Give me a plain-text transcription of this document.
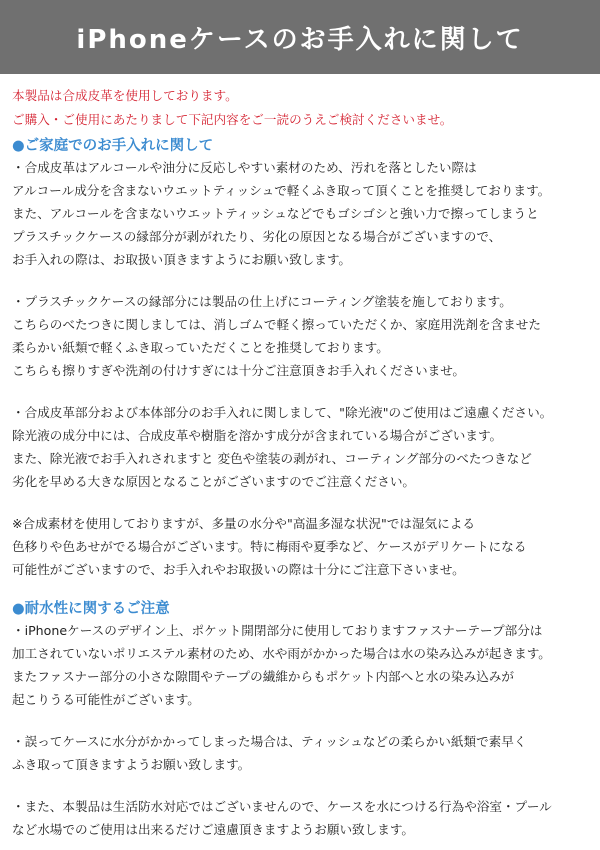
iPhoneケースのお手入れに関して
本製品は合成皮革を使用しております。
ご購入・ご使用にあたりまして下記内容をご一読のうえご検討くださいませ。
●ご家庭でのお手入れに関して
・合成皮革はアルコールや油分に反応しやすい素材のため、汚れを落としたい際は
アルコール成分を含まないウエットティッシュで軽くふき取って頂くことを推奨しております。
また、アルコールを含まないウエットティッシュなどでもゴシゴシと強い力で擦ってしまうと
プラスチックケースの縁部分が剥がれたり、劣化の原因となる場合がございますので、
お手入れの際は、お取扱い頂きますようにお願い致します。
・プラスチックケースの縁部分には製品の仕上げにコーティング塗装を施しております。
こちらのべたつきに関しましては、消しゴムで軽く擦っていただくか、家庭用洗剤を含ませた
柔らかい紙類で軽くふき取っていただくことを推奨しております。
こちらも擦りすぎや洗剤の付けすぎには十分ご注意頂きお手入れくださいませ。
・合成皮革部分および本体部分のお手入れに関しまして、"除光液"のご使用はご遠慮ください。
除光液の成分中には、合成皮革や樹脂を溶かす成分が含まれている場合がございます。
また、除光液でお手入れされますと 変色や塗装の剥がれ、コーティング部分のべたつきなど
劣化を早める大きな原因となることがございますのでご注意ください。
※合成素材を使用しておりますが、多量の水分や"高温多湿な状況"では湿気による
色移りや色あせがでる場合がございます。特に梅雨や夏季など、ケースがデリケートになる
可能性がございますので、お手入れやお取扱いの際は十分にご注意下さいませ。
●耐水性に関するご注意
・iPhoneケースのデザイン上、ポケット開閉部分に使用しておりますファスナーテープ部分は
加工されていないポリエステル素材のため、水や雨がかかった場合は水の染み込みが起きます。
またファスナー部分の小さな隙間やテープの繊維からもポケット内部へと水の染み込みが
起こりうる可能性がございます。
・誤ってケースに水分がかかってしまった場合は、ティッシュなどの柔らかい紙類で素早く
ふき取って頂きますようお願い致します。
・また、本製品は生活防水対応ではございませんので、ケースを水につける行為や浴室・プール
など水場でのご使用は出来るだけご遠慮頂きますようお願い致します。
